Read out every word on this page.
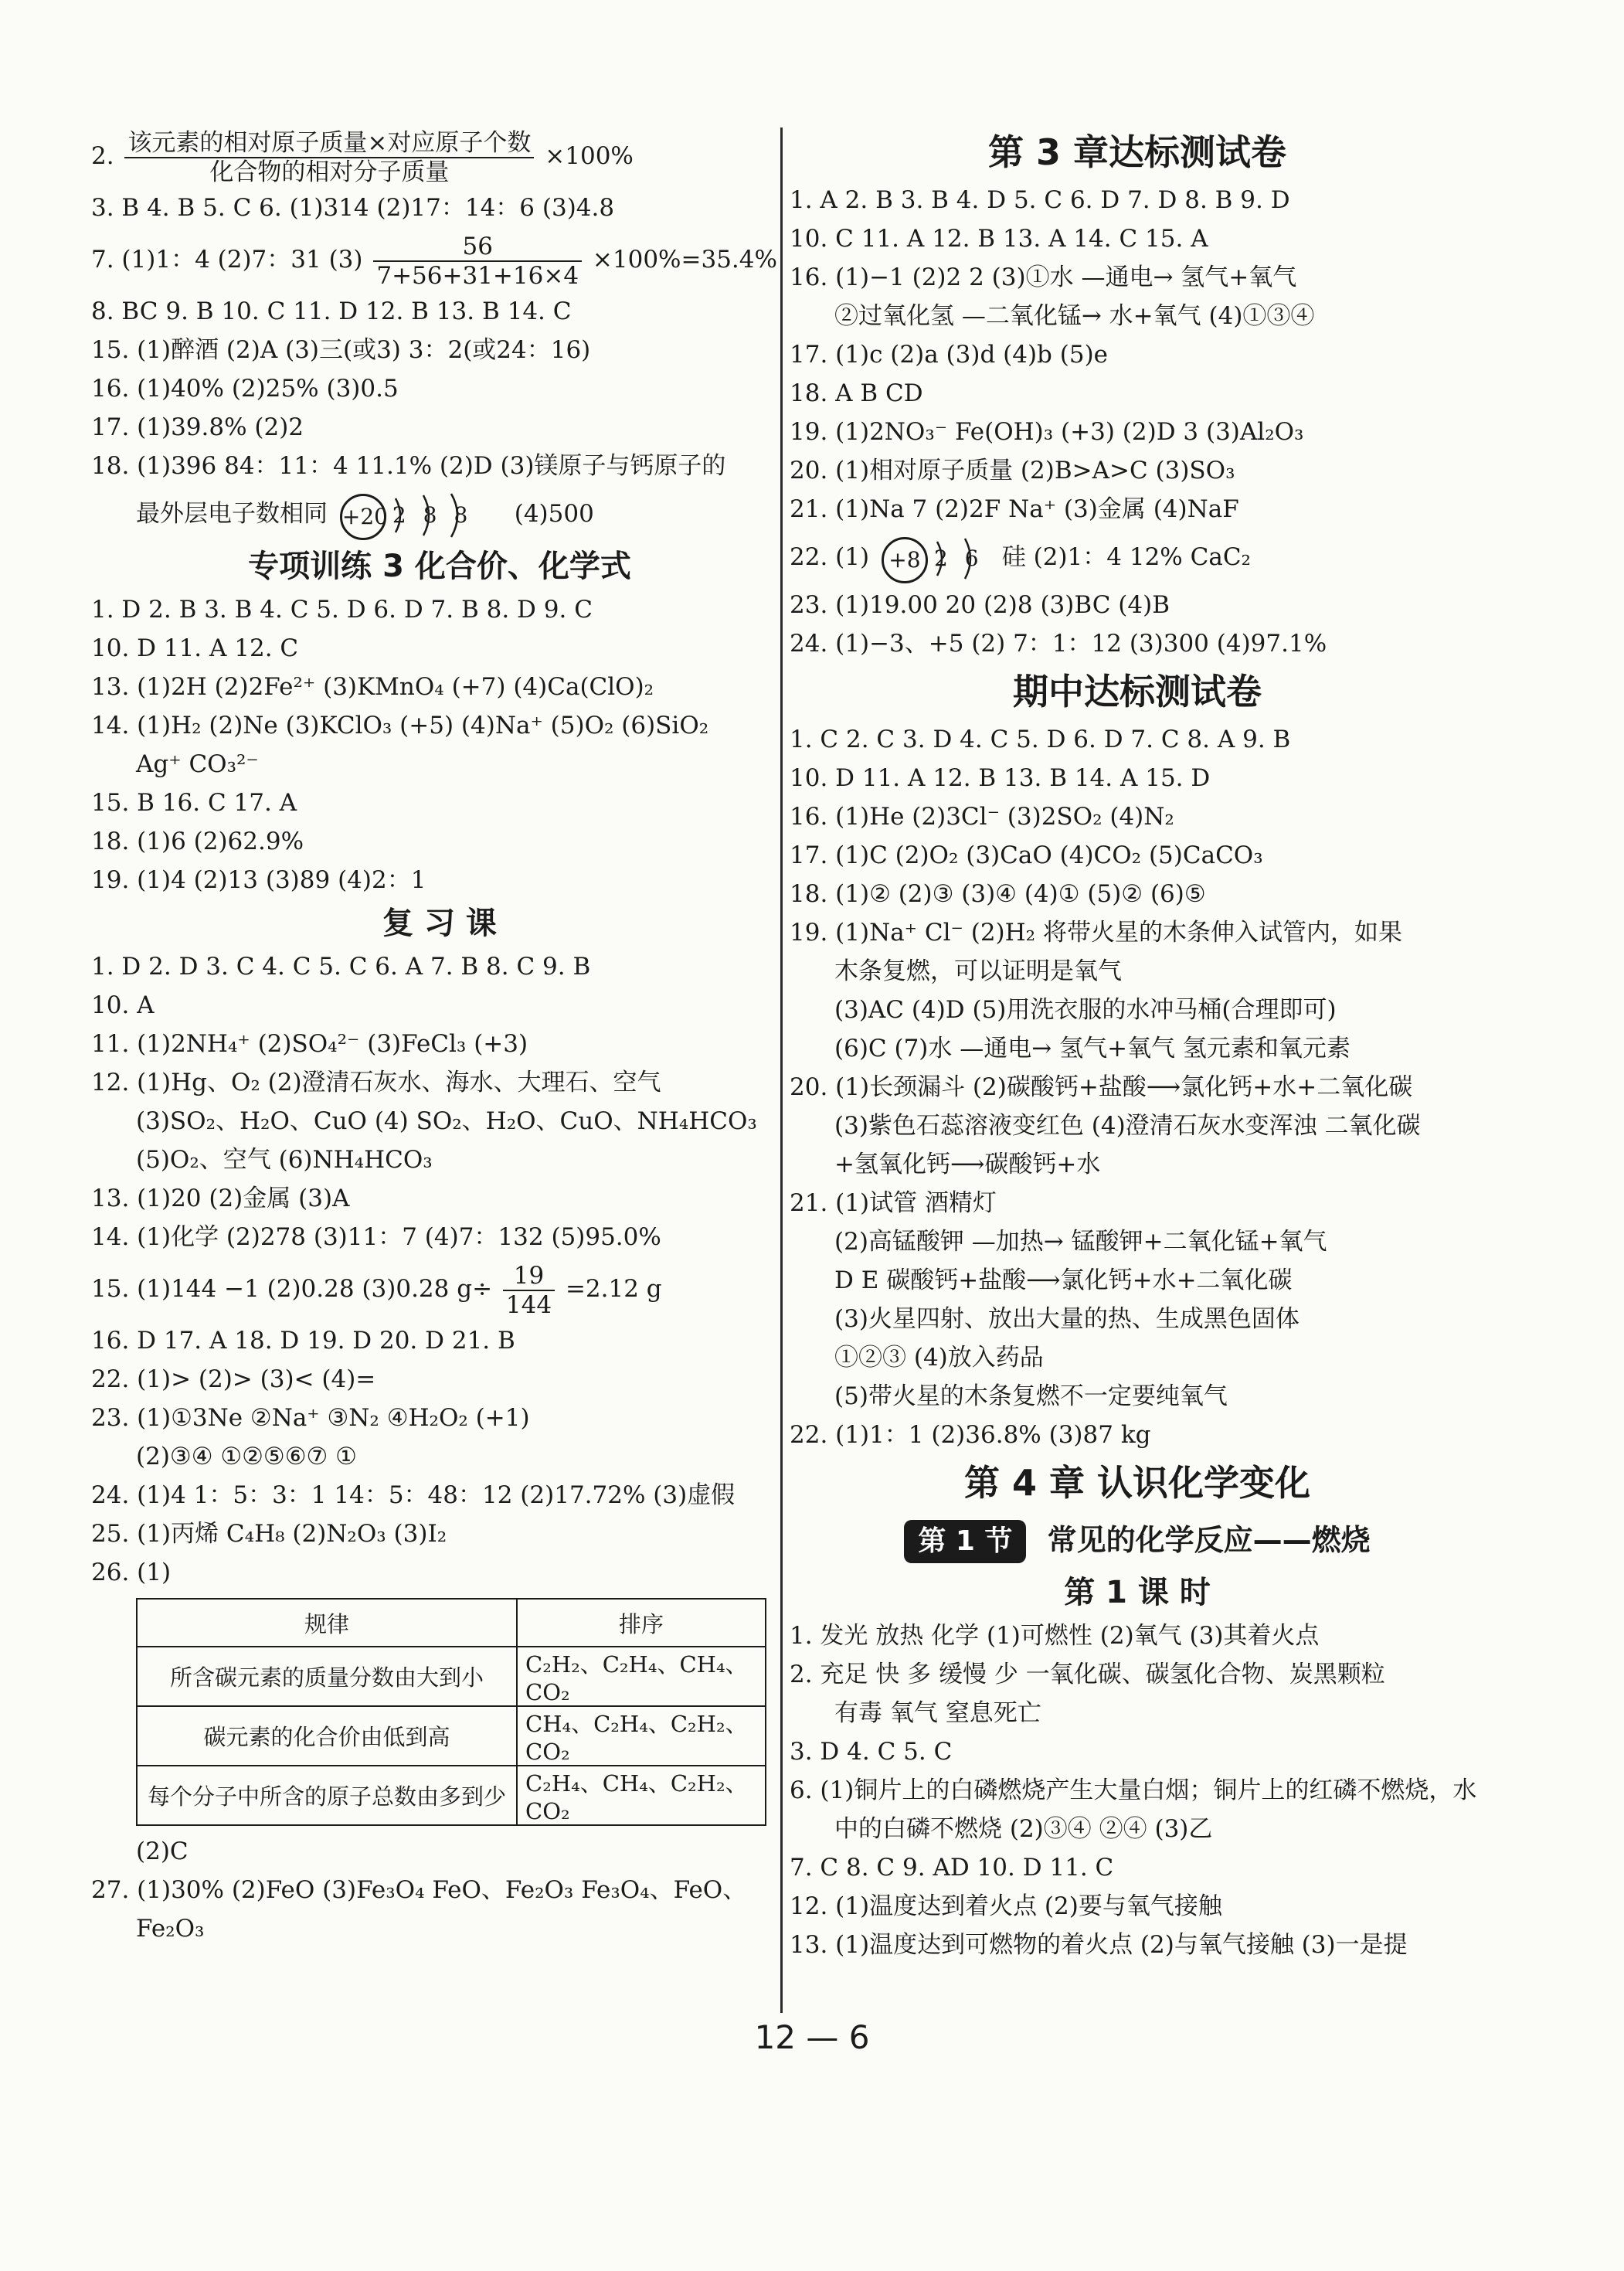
2. $\frac{\text{该元素的相对原子质量×对应原子个数}}{\text{化合物的相对分子质量}} \times 100\%$
3. B 4. B 5. C 6. (1)314 (2)17：14：6 (3)4.8
7. (1)1：4 (2)7：31 $(3) \frac{56}{7+56+31+16\times 4} \times 100\%=35.4\%$
8. BC 9. B 10. C 11. D 12. B 13. B 14. C
15. (1)醉酒 (2)A (3)三(或3) 3：2(或24：16)
16. (1)40% (2)25% (3)0.5
17. (1)39.8% (2)2
18. (1)396 84：11：4 11.1% (2)D (3)镁原子与钙原子的
最外层电子数相同 +20 288 (4)500
专项训练 3 化合价、化学式
1. D 2. B 3. B 4. C 5. D 6. D 7. B 8. D 9. C
10. D 11. A 12. C
13. (1)2H (2)2Fe²⁺ (3)KMnO₄ (+7) (4)Ca(ClO)₂
14. (1)H₂ (2)Ne (3)KClO₃ (+5) (4)Na⁺ (5)O₂ (6)SiO₂
Ag⁺ CO₃²⁻
15. B 16. C 17. A
18. (1)6 (2)62.9%
19. (1)4 (2)13 (3)89 (4)2：1
复 习 课
1. D 2. D 3. C 4. C 5. C 6. A 7. B 8. C 9. B
10. A
11. (1)2NH₄⁺ (2)SO₄²⁻ (3)FeCl₃ (+3)
12. (1)Hg、O₂ (2)澄清石灰水、海水、大理石、空气
(3)SO₂、H₂O、CuO (4) SO₂、H₂O、CuO、NH₄HCO₃
(5)O₂、空气 (6)NH₄HCO₃
13. (1)20 (2)金属 (3)A
14. (1)化学 (2)278 (3)11：7 (4)7：132 (5)95.0%
15. (1)144 −1 (2)0.28 (3)0.28 $g\div \frac{19}{144} =2.12$ g
16. D 17. A 18. D 19. D 20. D 21. B
22. (1)> (2)> (3)< (4)=
23. (1)①3Ne ②Na⁺ ③N₂ ④H₂O₂ (+1)
(2)③④ ①②⑤⑥⑦ ①
24. (1)4 1：5：3：1 14：5：48：12 (2)17.72% (3)虚假
25. (1)丙烯 C₄H₈ (2)N₂O₃ (3)I₂
26. (1)
规律	排序
所含碳元素的质量分数由大到小	C₂H₂、C₂H₄、CH₄、CO₂
碳元素的化合价由低到高	CH₄、C₂H₄、C₂H₂、CO₂
每个分子中所含的原子总数由多到少	C₂H₄、CH₄、C₂H₂、CO₂
(2)C
27. (1)30% (2)FeO (3)Fe₃O₄ FeO、Fe₂O₃ Fe₃O₄、FeO、
Fe₂O₃
第 3 章达标测试卷
1. A 2. B 3. B 4. D 5. C 6. D 7. D 8. B 9. D
10. C 11. A 12. B 13. A 14. C 15. A
16. (1)−1 (2)2 2 (3)①水 —通电→ 氢气+氧气
②过氧化氢 —二氧化锰→ 水+氧气 (4)①③④
17. (1)c (2)a (3)d (4)b (5)e
18. A B CD
19. (1)2NO₃⁻ Fe(OH)₃ (+3) (2)D 3 (3)Al₂O₃
20. (1)相对原子质量 (2)B>A>C (3)SO₃
21. (1)Na 7 (2)2F Na⁺ (3)金属 (4)NaF
22. (1) +8 26 硅 (2)1：4 12% CaC₂
23. (1)19.00 20 (2)8 (3)BC (4)B
24. (1)−3、+5 (2) 7：1：12 (3)300 (4)97.1%
期中达标测试卷
1. C 2. C 3. D 4. C 5. D 6. D 7. C 8. A 9. B
10. D 11. A 12. B 13. B 14. A 15. D
16. (1)He (2)3Cl⁻ (3)2SO₂ (4)N₂
17. (1)C (2)O₂ (3)CaO (4)CO₂ (5)CaCO₃
18. (1)② (2)③ (3)④ (4)① (5)② (6)⑤
19. (1)Na⁺ Cl⁻ (2)H₂ 将带火星的木条伸入试管内，如果
木条复燃，可以证明是氧气
(3)AC (4)D (5)用洗衣服的水冲马桶(合理即可)
(6)C (7)水 —通电→ 氢气+氧气 氢元素和氧元素
20. (1)长颈漏斗 (2)碳酸钙+盐酸⟶氯化钙+水+二氧化碳
(3)紫色石蕊溶液变红色 (4)澄清石灰水变浑浊 二氧化碳
+氢氧化钙⟶碳酸钙+水
21. (1)试管 酒精灯
(2)高锰酸钾 —加热→ 锰酸钾+二氧化锰+氧气
D E 碳酸钙+盐酸⟶氯化钙+水+二氧化碳
(3)火星四射、放出大量的热、生成黑色固体
①②③ (4)放入药品
(5)带火星的木条复燃不一定要纯氧气
22. (1)1：1 (2)36.8% (3)87 kg
第 4 章 认识化学变化
第 1 节 常见的化学反应——燃烧
第 1 课 时
1. 发光 放热 化学 (1)可燃性 (2)氧气 (3)其着火点
2. 充足 快 多 缓慢 少 一氧化碳、碳氢化合物、炭黑颗粒
有毒 氧气 窒息死亡
3. D 4. C 5. C
6. (1)铜片上的白磷燃烧产生大量白烟；铜片上的红磷不燃烧，水
中的白磷不燃烧 (2)③④ ②④ (3)乙
7. C 8. C 9. AD 10. D 11. C
12. (1)温度达到着火点 (2)要与氧气接触
13. (1)温度达到可燃物的着火点 (2)与氧气接触 (3)一是提
12 — 6
